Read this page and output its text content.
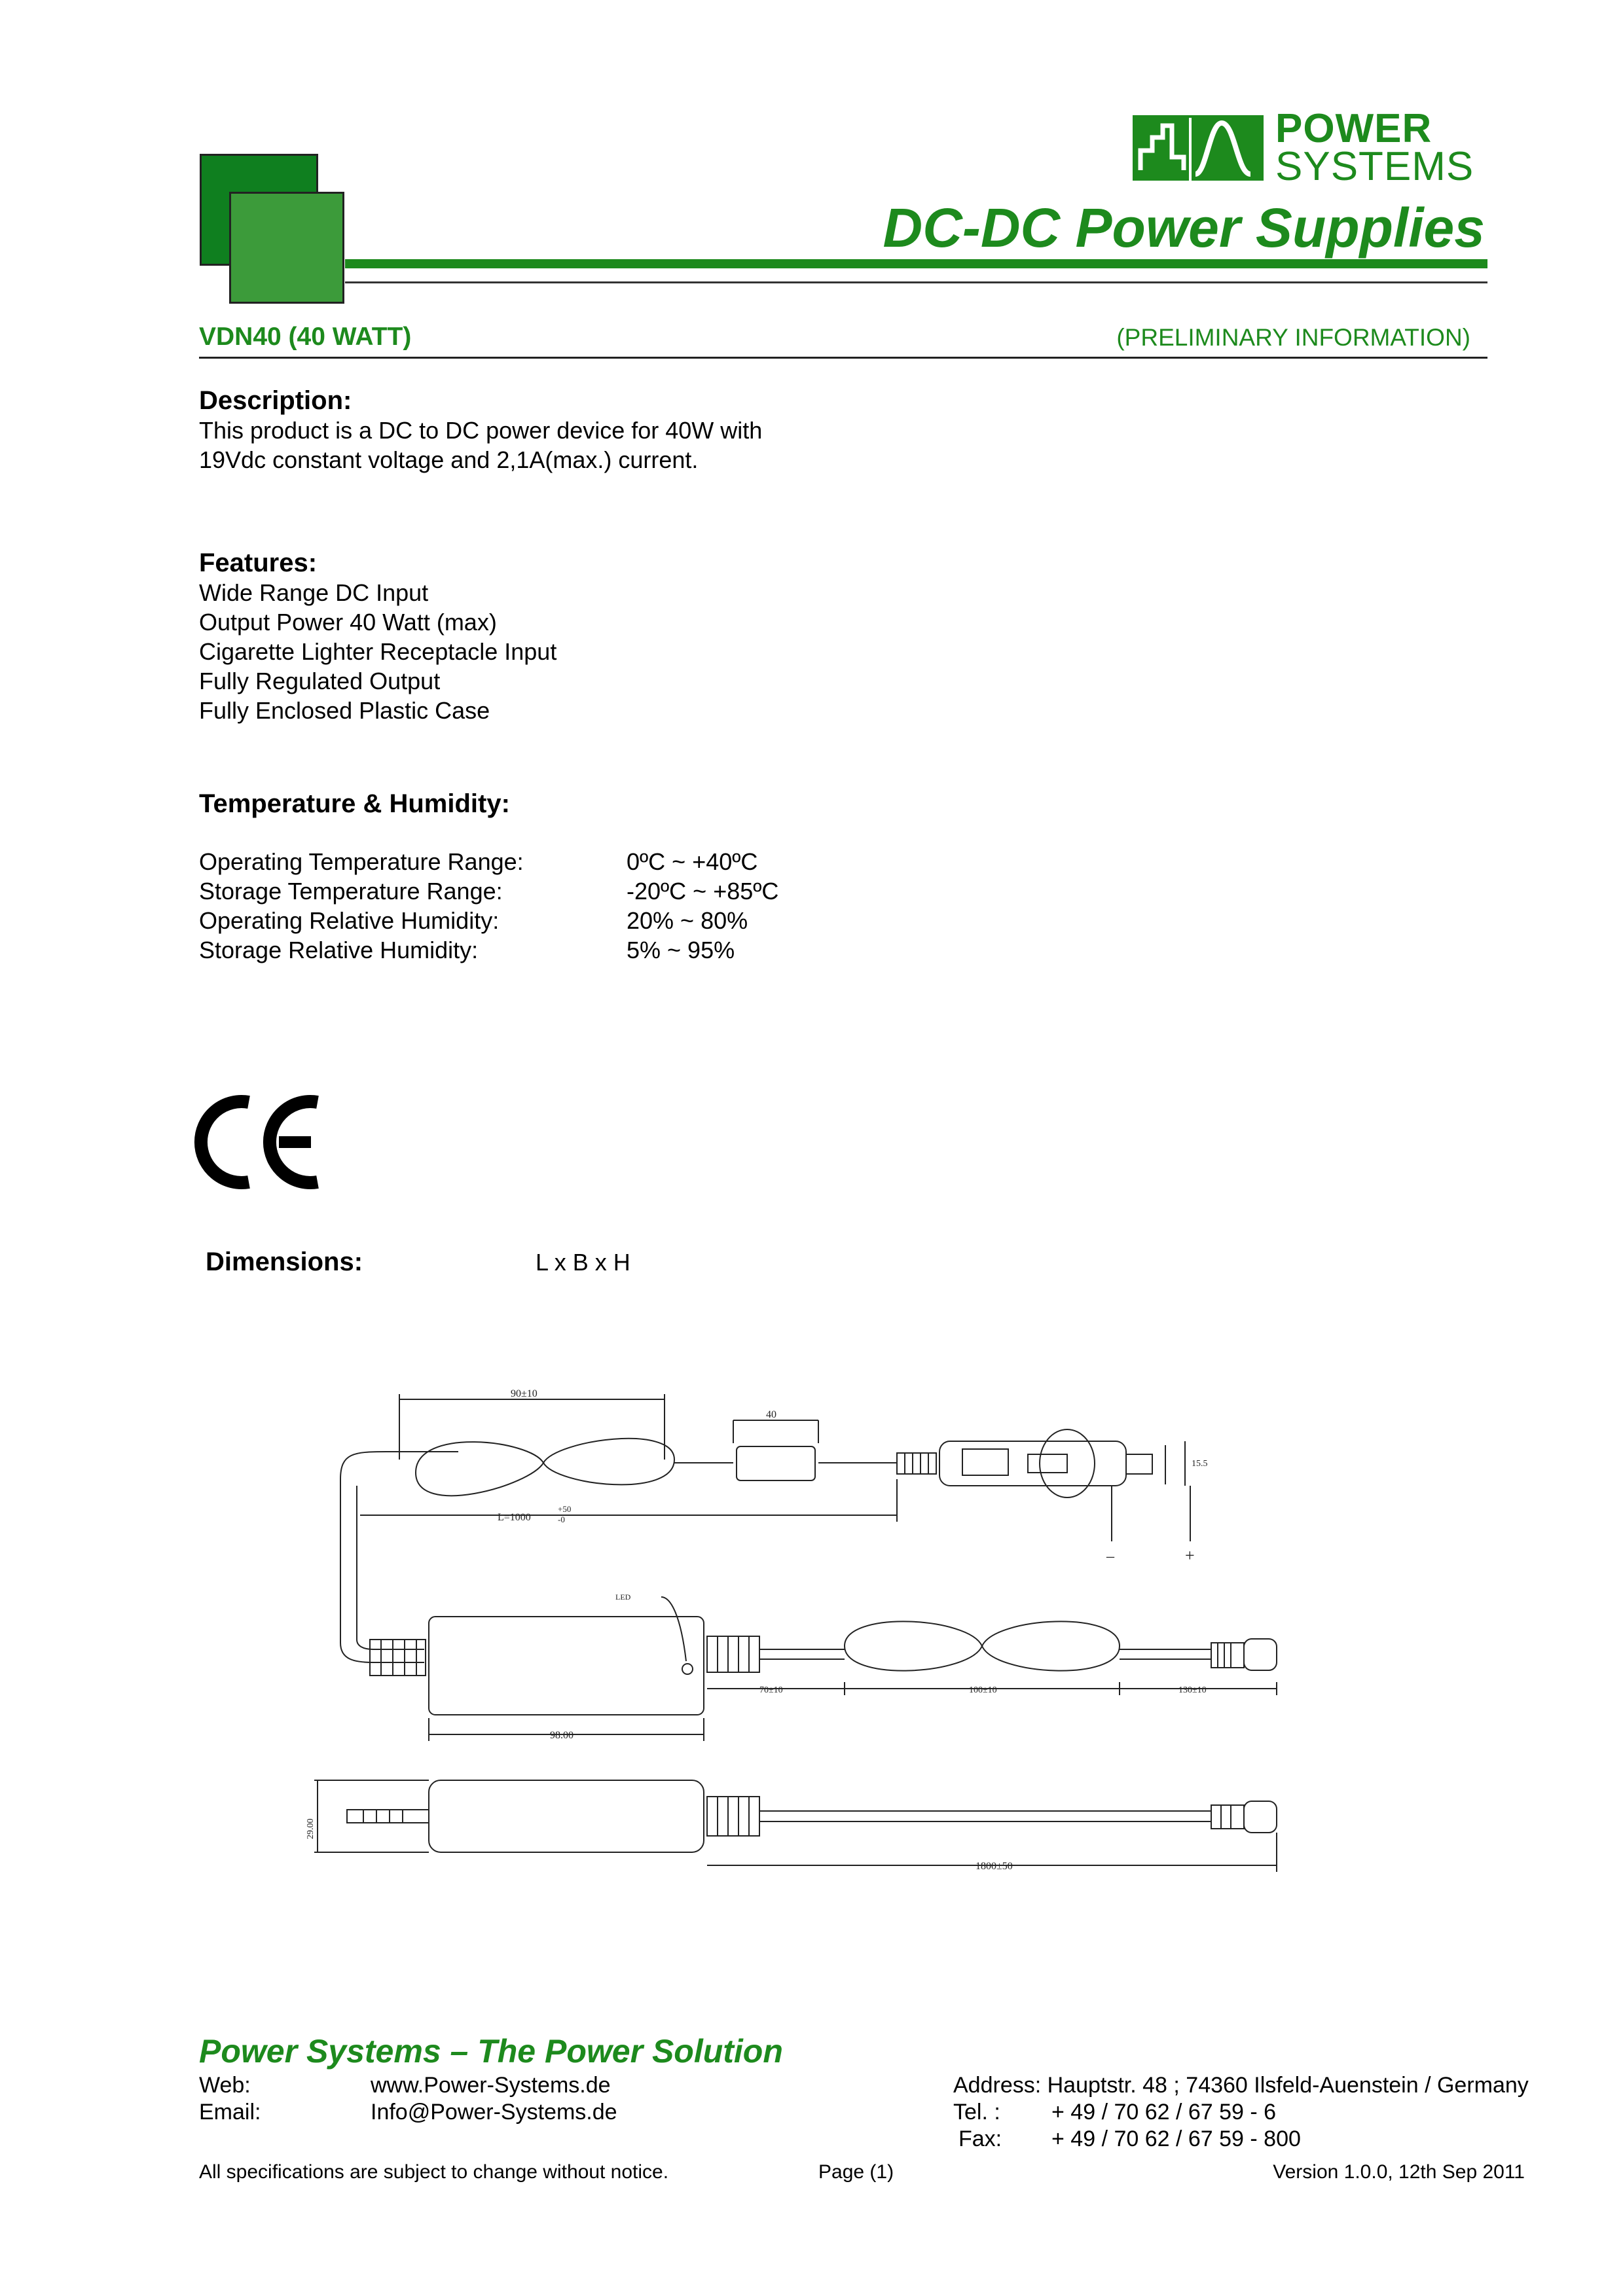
POWER
SYSTEMS
DC-DC Power Supplies
VDN40 (40 WATT)	(PRELIMINARY INFORMATION)
Description:
This product is a DC to DC power device for 40W with
19Vdc constant voltage and 2,1A(max.) current.
Features:
Wide Range DC Input
Output Power 40 Watt (max)
Cigarette Lighter Receptacle Input
Fully Regulated Output
Fully Enclosed Plastic Case
Temperature & Humidity:
Operating Temperature Range:	0ºC ~ +40ºC
Storage Temperature Range:	-20ºC ~ +85ºC
Operating Relative Humidity:	20% ~ 80%
Storage Relative Humidity:	5% ~ 95%
Dimensions:	L x B x H
90±10
40
L=1000
+50
-0
15.5
–	+
LED
70±10	100±10	130±10
98.00
29.00
1800±50
Power Systems – The Power Solution
Web:	www.Power-Systems.de
Email:	Info@Power-Systems.de
Address: Hauptstr. 48 ; 74360 Ilsfeld-Auenstein / Germany
Tel. : + 49 / 70 62 / 67 59 - 6
Fax: + 49 / 70 62 / 67 59 - 800
All specifications are subject to change without notice.	Page (1)	Version 1.0.0, 12th Sep 2011
